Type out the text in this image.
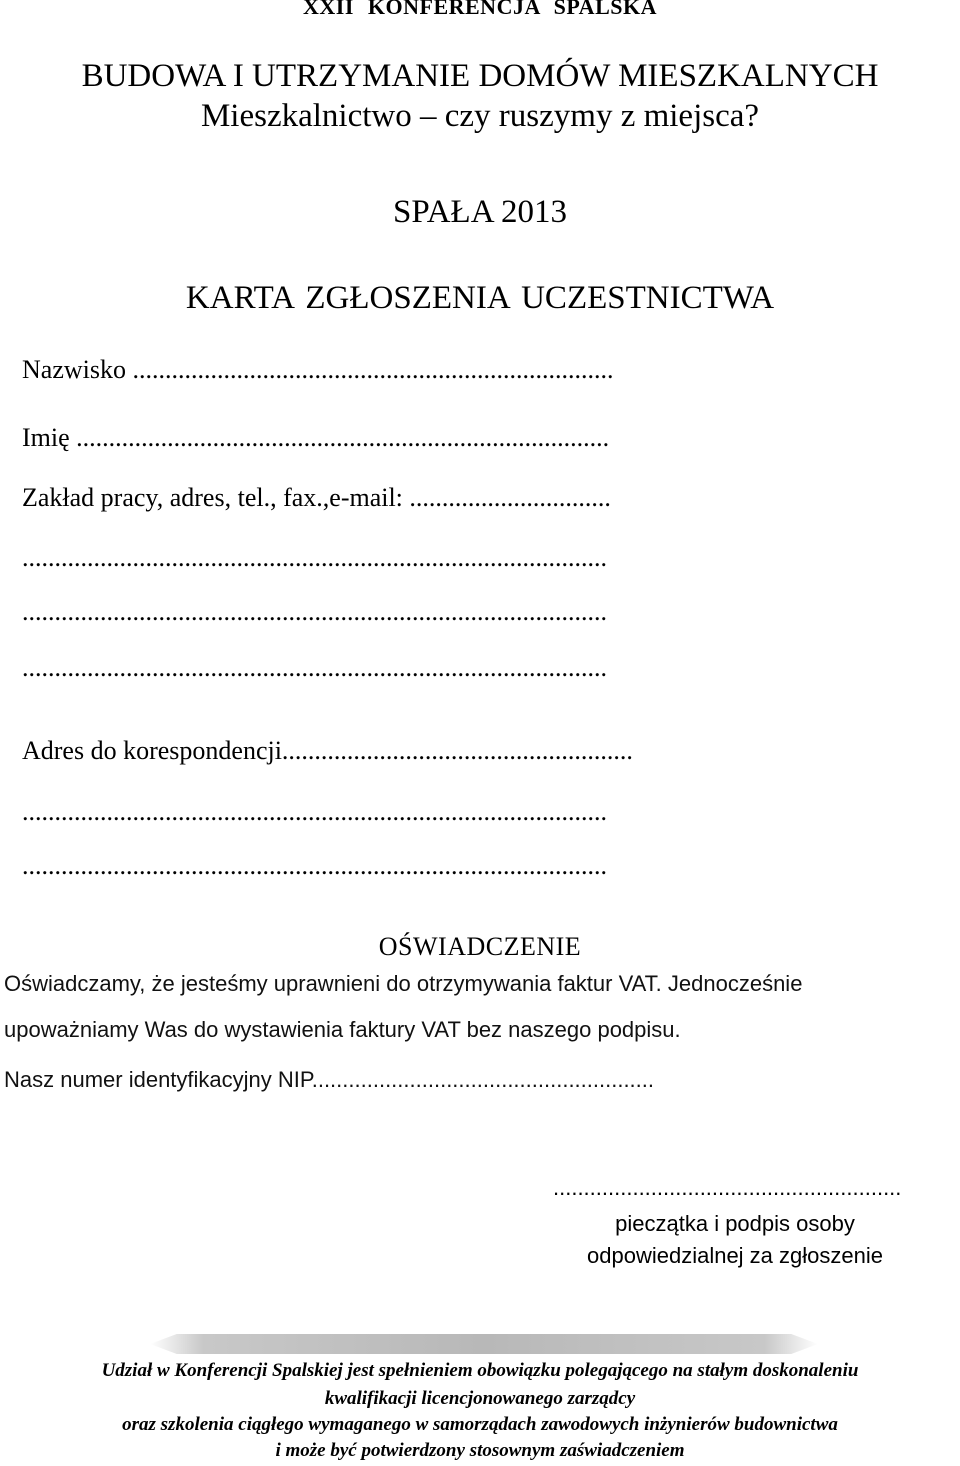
XXII KONFERENCJA SPALSKA
BUDOWA I UTRZYMANIE DOMÓW MIESZKALNYCH
Mieszkalnictwo – czy ruszymy z miejsca?
SPAŁA 2013
KARTA ZGŁOSZENIA UCZESTNICTWA
Nazwisko ..........................................................................
Imię ..................................................................................
Zakład pracy, adres, tel., fax.,e-mail: ...............................
..........................................................................................
..........................................................................................
..........................................................................................
Adres do korespondencji......................................................
..........................................................................................
..........................................................................................
OŚWIADCZENIE
Oświadczamy, że jesteśmy uprawnieni do otrzymywania faktur VAT. Jednocześnie
upoważniamy Was do wystawienia faktury VAT bez naszego podpisu.
Nasz numer identyfikacyjny NIP........................................................
.........................................................
pieczątka i podpis osoby
odpowiedzialnej za zgłoszenie
Udział w Konferencji Spalskiej jest spełnieniem obowiązku polegającego na stałym doskonaleniu
kwalifikacji licencjonowanego zarządcy
oraz szkolenia ciągłego wymaganego w samorządach zawodowych inżynierów budownictwa
i może być potwierdzony stosownym zaświadczeniem
